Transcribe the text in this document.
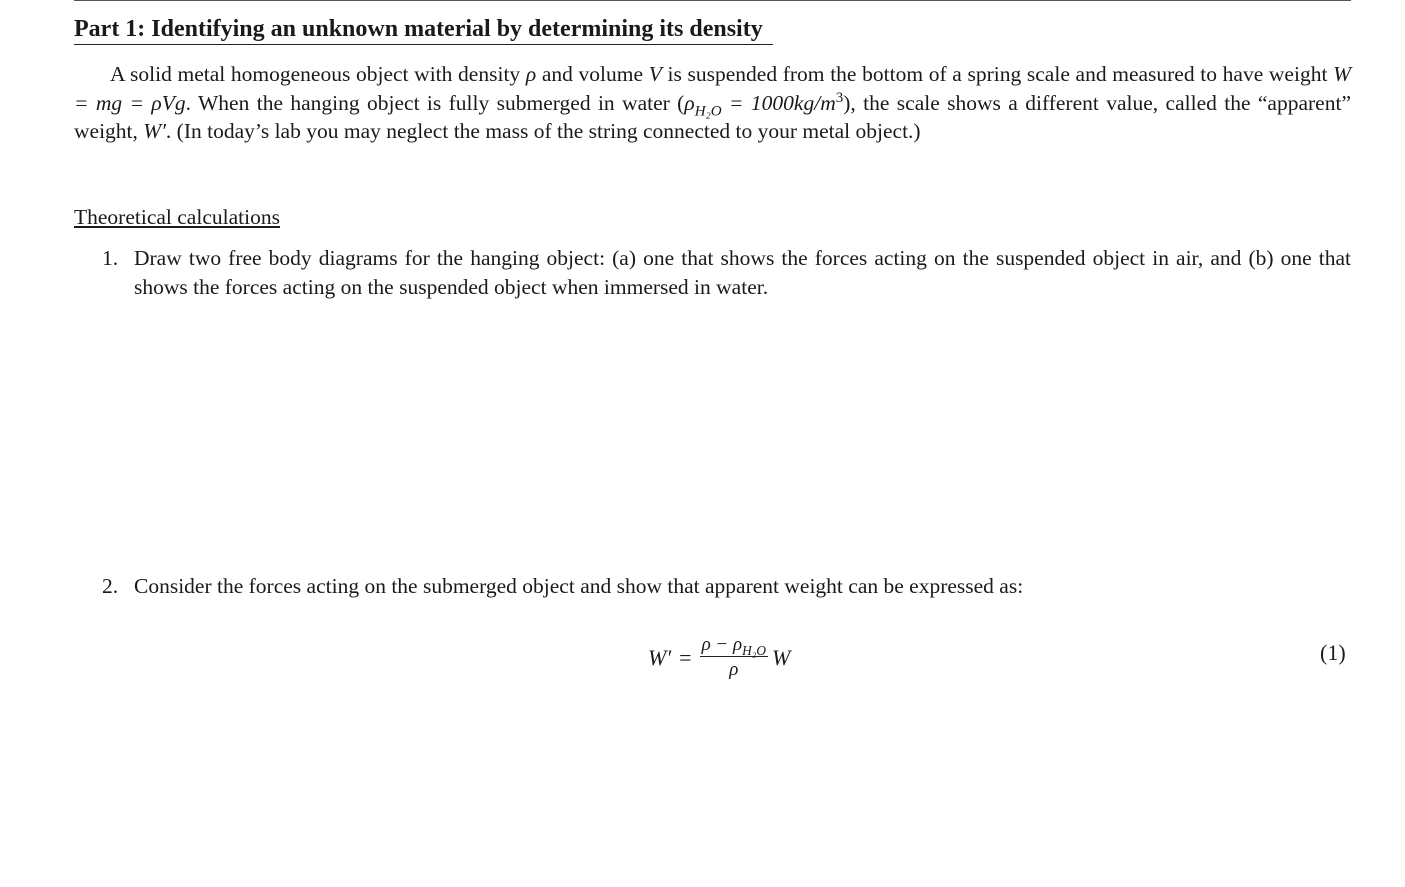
Part 1: Identifying an unknown material by determining its density
A solid metal homogeneous object with density ρ and volume V is suspended from the bottom of a spring scale and measured to have weight W = mg = ρVg. When the hanging object is fully submerged in water $(\rho_{H_2O} = 1000kg/m^3)$, the scale shows a different value, called the “apparent” weight, W′. (In today’s lab you may neglect the mass of the string connected to your metal object.)
Theoretical calculations
1. Draw two free body diagrams for the hanging object: (a) one that shows the forces acting on the suspended object in air, and (b) one that shows the forces acting on the suspended object when immersed in water.
2. Consider the forces acting on the submerged object and show that apparent weight can be expressed as:
$W' = \frac{\rho - \rho_{H_2O}}{\rho}$ W	(1)
